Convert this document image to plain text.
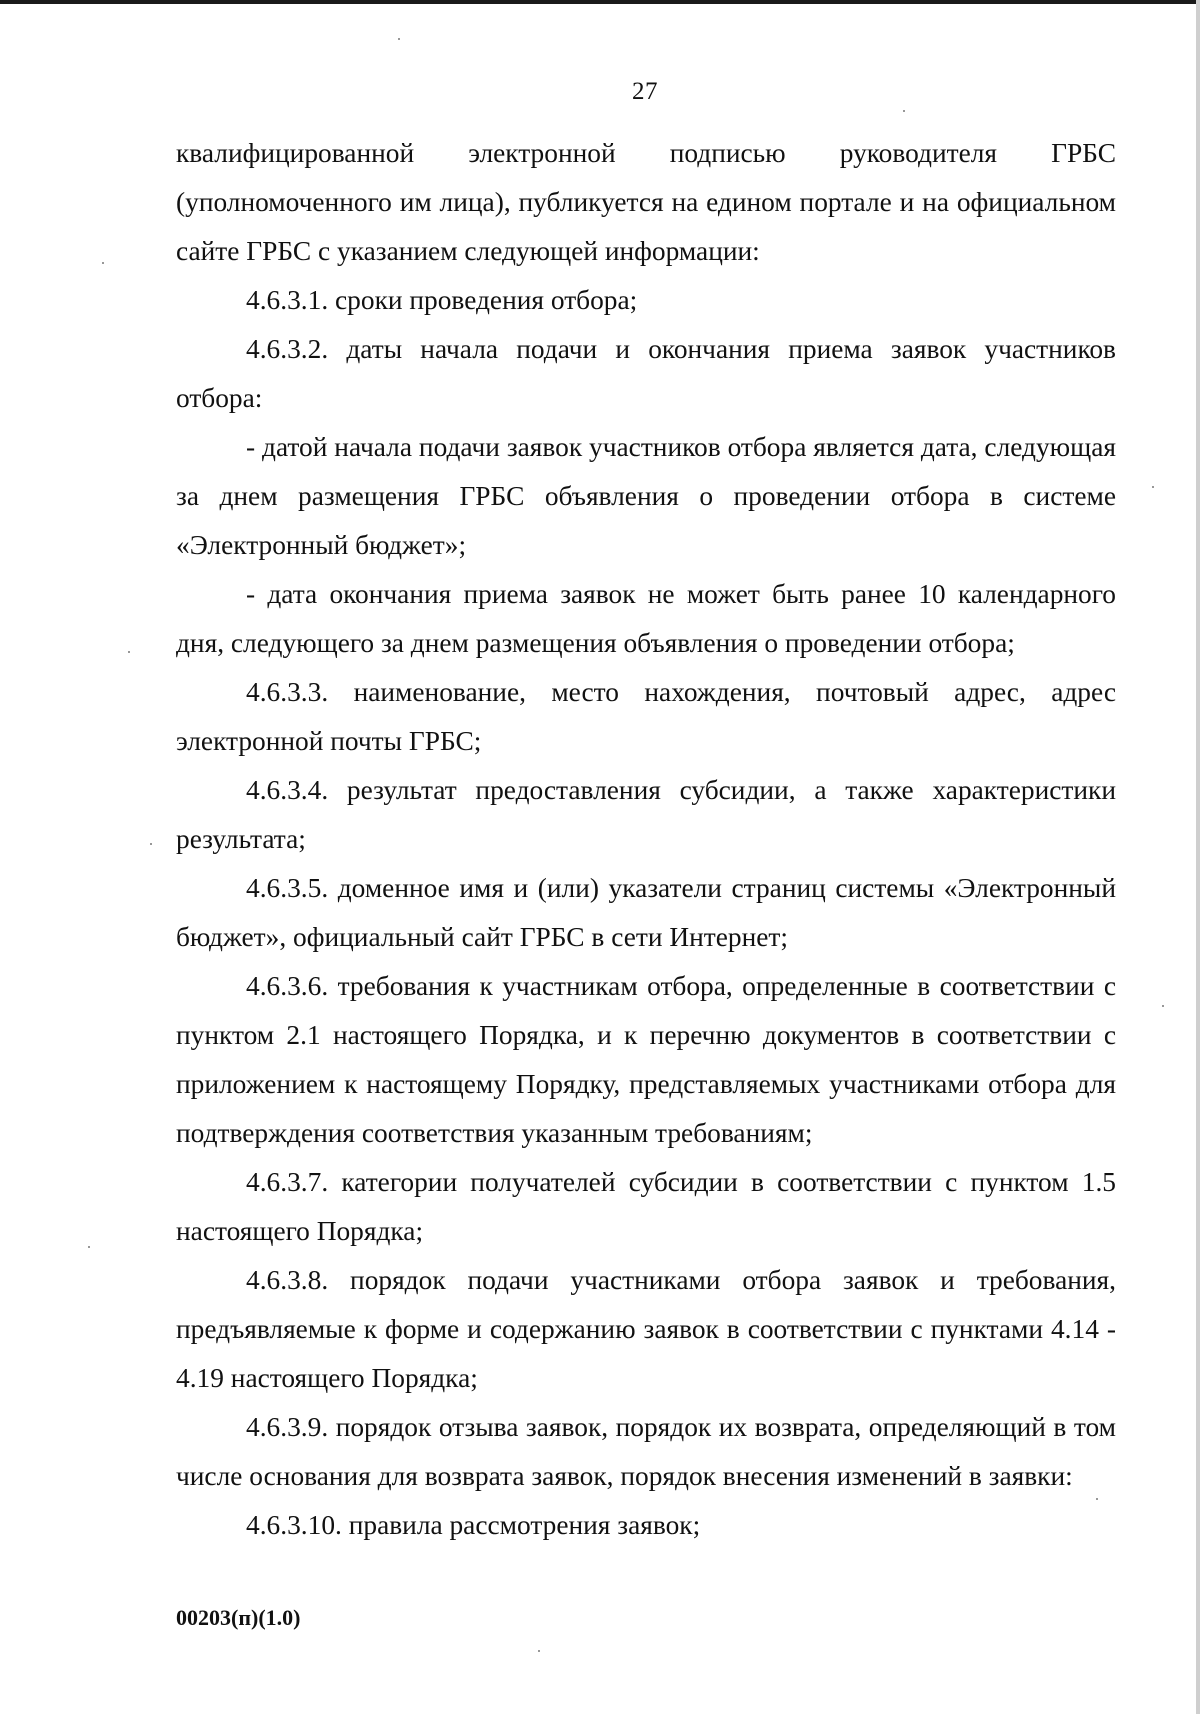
27

квалифицированной электронной подписью руководителя ГРБС (уполномоченного им лица), публикуется на едином портале и на официальном сайте ГРБС с указанием следующей информации:

4.6.3.1. сроки проведения отбора;

4.6.3.2. даты начала подачи и окончания приема заявок участников отбора:

- датой начала подачи заявок участников отбора является дата, следующая за днем размещения ГРБС объявления о проведении отбора в системе «Электронный бюджет»;

- дата окончания приема заявок не может быть ранее 10 календарного дня, следующего за днем размещения объявления о проведении отбора;

4.6.3.3. наименование, место нахождения, почтовый адрес, адрес электронной почты ГРБС;

4.6.3.4. результат предоставления субсидии, а также характеристики результата;

4.6.3.5. доменное имя и (или) указатели страниц системы «Электронный бюджет», официальный сайт ГРБС в сети Интернет;

4.6.3.6. требования к участникам отбора, определенные в соответствии с пунктом 2.1 настоящего Порядка, и к перечню документов в соответствии с приложением к настоящему Порядку, представляемых участниками отбора для подтверждения соответствия указанным требованиям;

4.6.3.7. категории получателей субсидии в соответствии с пунктом 1.5 настоящего Порядка;

4.6.3.8. порядок подачи участниками отбора заявок и требования, предъявляемые к форме и содержанию заявок в соответствии с пунктами 4.14 - 4.19 настоящего Порядка;

4.6.3.9. порядок отзыва заявок, порядок их возврата, определяющий в том числе основания для возврата заявок, порядок внесения изменений в заявки:

4.6.3.10. правила рассмотрения заявок;

00203(п)(1.0)
